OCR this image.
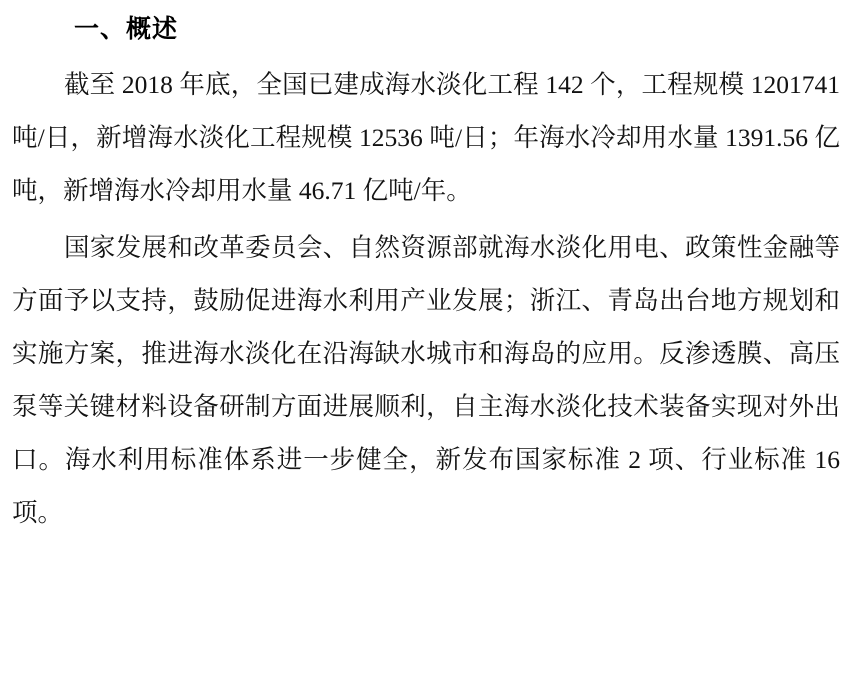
一、概述

截至 2018 年底，全国已建成海水淡化工程 142 个，工程规模 1201741 吨/日，新增海水淡化工程规模 12536 吨/日；年海水冷却用水量 1391.56 亿吨，新增海水冷却用水量 46.71 亿吨/年。

国家发展和改革委员会、自然资源部就海水淡化用电、政策性金融等方面予以支持，鼓励促进海水利用产业发展；浙江、青岛出台地方规划和实施方案，推进海水淡化在沿海缺水城市和海岛的应用。反渗透膜、高压泵等关键材料设备研制方面进展顺利，自主海水淡化技术装备实现对外出口。海水利用标准体系进一步健全，新发布国家标准 2 项、行业标准 16 项。
